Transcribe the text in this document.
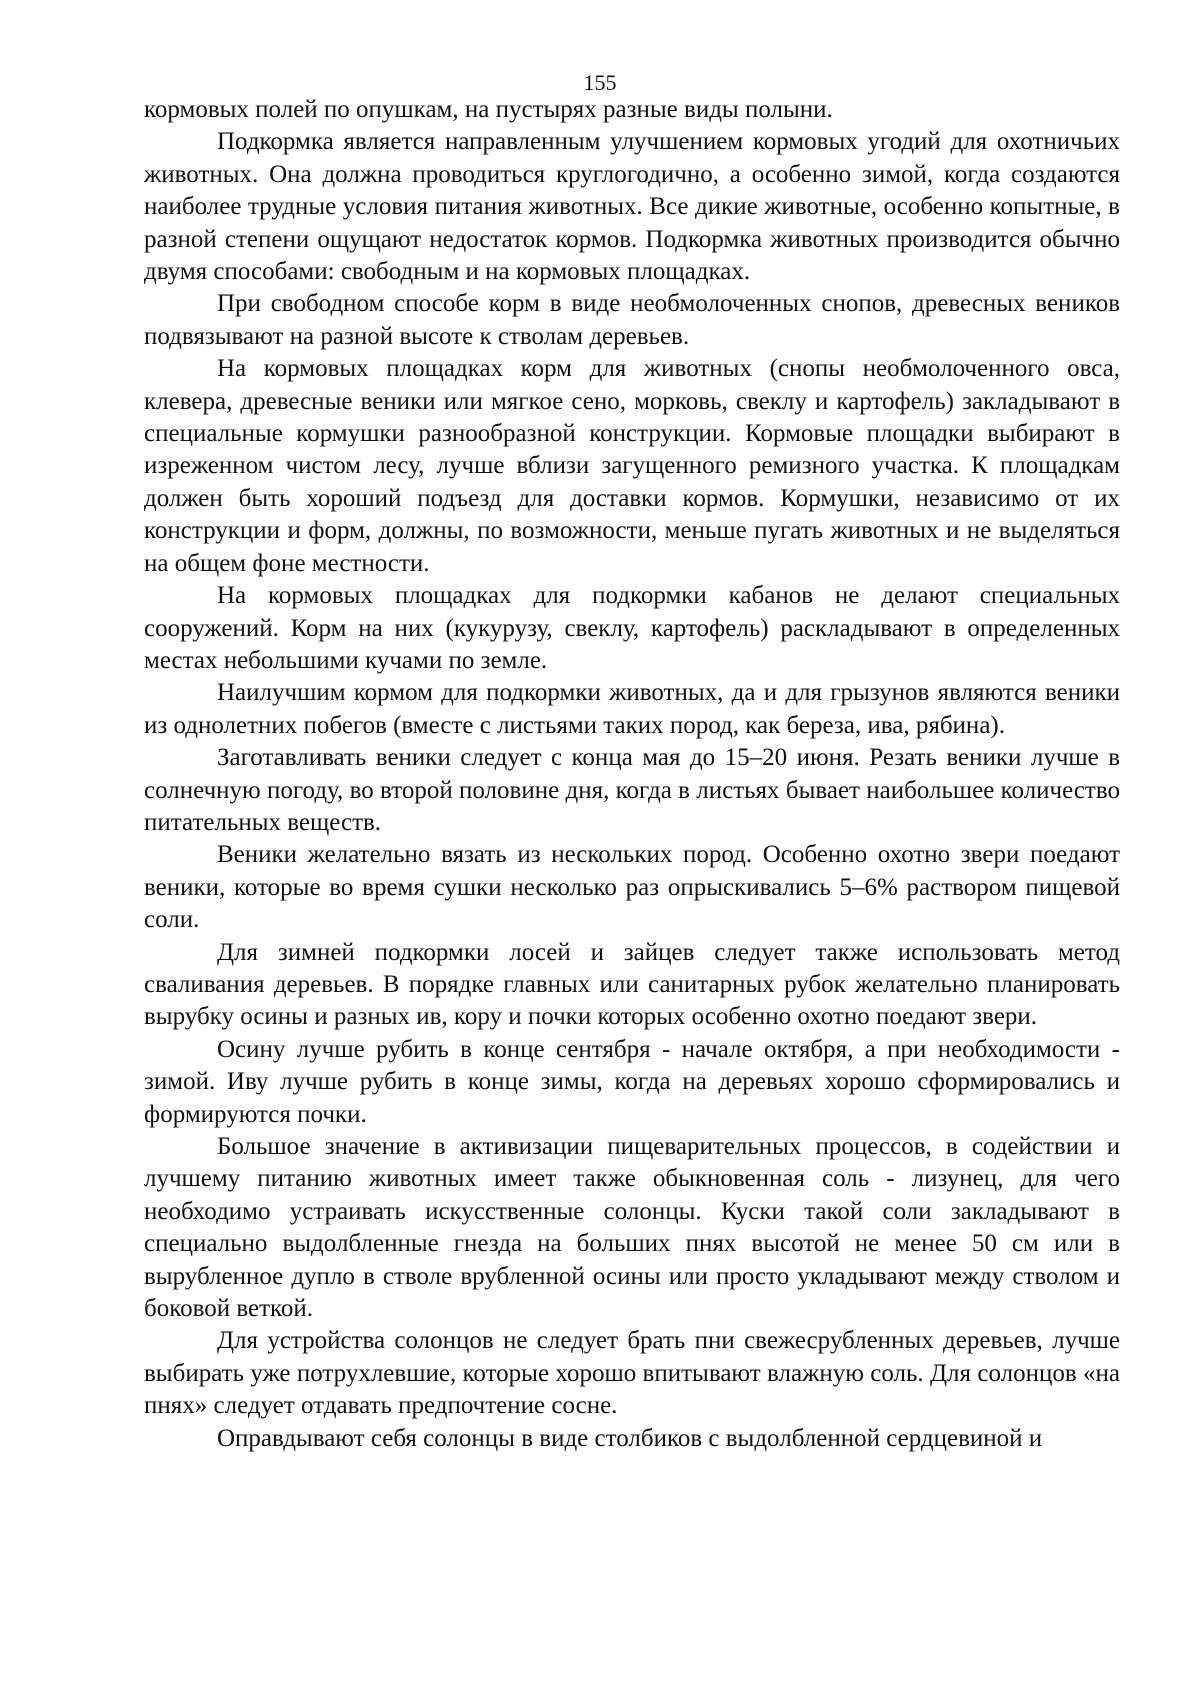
155

кормовых полей по опушкам, на пустырях разные виды полыни.

Подкормка является направленным улучшением кормовых угодий для охотничьих животных. Она должна проводиться круглогодично, а особенно зимой, когда создаются наиболее трудные условия питания животных. Все дикие животные, особенно копытные, в разной степени ощущают недостаток кормов. Подкормка животных производится обычно двумя способами: свободным и на кормовых площадках.

При свободном способе корм в виде необмолоченных снопов, древесных веников подвязывают на разной высоте к стволам деревьев.

На кормовых площадках корм для животных (снопы необмолоченного овса, клевера, древесные веники или мягкое сено, морковь, свеклу и картофель) закладывают в специальные кормушки разнообразной конструкции. Кормовые площадки выбирают в изреженном чистом лесу, лучше вблизи загущенного ремизного участка. К площадкам должен быть хороший подъезд для доставки кормов. Кормушки, независимо от их конструкции и форм, должны, по возможности, меньше пугать животных и не выделяться на общем фоне местности.

На кормовых площадках для подкормки кабанов не делают специальных сооружений. Корм на них (кукурузу, свеклу, картофель) раскладывают в определенных местах небольшими кучами по земле.

Наилучшим кормом для подкормки животных, да и для грызунов являются веники из однолетних побегов (вместе с листьями таких пород, как береза, ива, рябина).

Заготавливать веники следует с конца мая до 15–20 июня. Резать веники лучше в солнечную погоду, во второй половине дня, когда в листьях бывает наибольшее количество питательных веществ.

Веники желательно вязать из нескольких пород. Особенно охотно звери поедают веники, которые во время сушки несколько раз опрыскивались 5–6% раствором пищевой соли.

Для зимней подкормки лосей и зайцев следует также использовать метод сваливания деревьев. В порядке главных или санитарных рубок желательно планировать вырубку осины и разных ив, кору и почки которых особенно охотно поедают звери.

Осину лучше рубить в конце сентября - начале октября, а при необходимости - зимой. Иву лучше рубить в конце зимы, когда на деревьях хорошо сформировались и формируются почки.

Большое значение в активизации пищеварительных процессов, в содействии и лучшему питанию животных имеет также обыкновенная соль - лизунец, для чего необходимо устраивать искусственные солонцы. Куски такой соли закладывают в специально выдолбленные гнезда на больших пнях высотой не менее 50 см или в вырубленное дупло в стволе врубленной осины или просто укладывают между стволом и боковой веткой.

Для устройства солонцов не следует брать пни свежесрубленных деревьев, лучше выбирать уже потрухлевшие, которые хорошо впитывают влажную соль. Для солонцов «на пнях» следует отдавать предпочтение сосне.

Оправдывают себя солонцы в виде столбиков с выдолбленной сердцевиной и
